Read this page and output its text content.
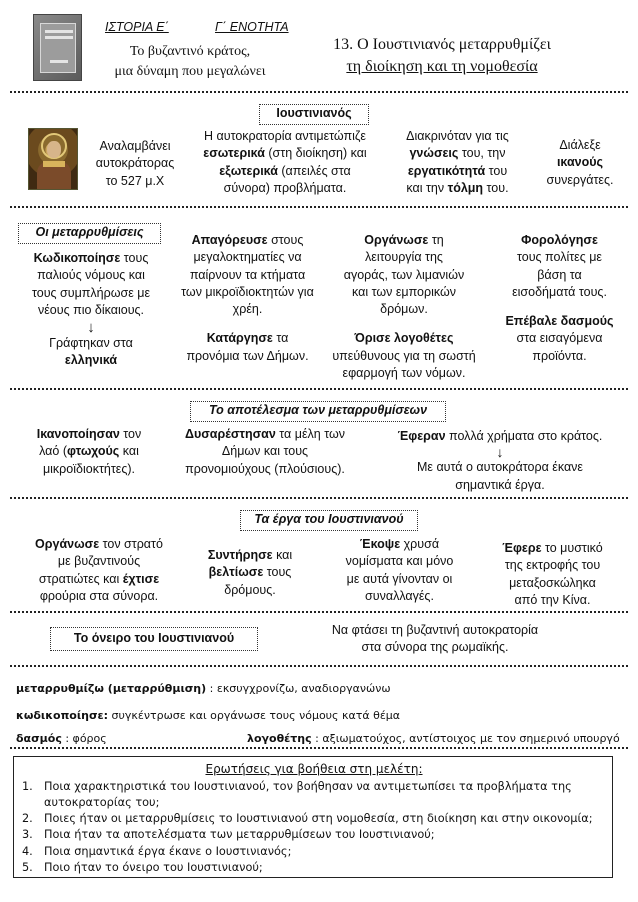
ΙΣΤΟΡΙΑ Ε΄	Γ΄ ΕΝΟΤΗΤΑ
Το βυζαντινό κράτος,
μια δύναμη που μεγαλώνει
13. Ο Ιουστινιανός μεταρρυθμίζει
τη διοίκηση και τη νομοθεσία
Ιουστινιανός
Αναλαμβάνει
αυτοκράτορας
το 527 μ.Χ
Η αυτοκρατορία αντιμετώπιζε
εσωτερικά (στη διοίκηση) και
εξωτερικά (απειλές στα
σύνορα) προβλήματα.
Διακρινόταν για τις
γνώσεις του, την
εργατικότητά του
και την τόλμη του.
Διάλεξε
ικανούς
συνεργάτες.
Οι μεταρρυθμίσεις
Κωδικοποίησε τους
παλιούς νόμους και
τους συμπλήρωσε με
νέους πιο δίκαιους.
↓
Γράφτηκαν στα
ελληνικά
Απαγόρευσε στους
μεγαλοκτηματίες να
παίρνουν τα κτήματα
των μικροϊδιοκτητών για
χρέη.
Κατάργησε τα
προνόμια των Δήμων.
Οργάνωσε τη
λειτουργία της
αγοράς, των λιμανιών
και των εμπορικών
δρόμων.
Όρισε λογοθέτες
υπεύθυνους για τη σωστή
εφαρμογή των νόμων.
Φορολόγησε
τους πολίτες με
βάση τα
εισοδήματά τους.
Επέβαλε δασμούς
στα εισαγόμενα
προϊόντα.
Το αποτέλεσμα των μεταρρυθμίσεων
Ικανοποίησαν τον
λαό (φτωχούς και
μικροϊδιοκτήτες).
Δυσαρέστησαν τα μέλη των
Δήμων και τους
προνομιούχους (πλούσιους).
Έφεραν πολλά χρήματα στο κράτος.
↓
Με αυτά ο αυτοκράτορα έκανε
σημαντικά έργα.
Τα έργα του Ιουστινιανού
Οργάνωσε τον στρατό
με βυζαντινούς
στρατιώτες και έχτισε
φρούρια στα σύνορα.
Συντήρησε και
βελτίωσε τους
δρόμους.
Έκοψε χρυσά
νομίσματα και μόνο
με αυτά γίνονταν οι
συναλλαγές.
Έφερε το μυστικό
της εκτροφής του
μεταξοσκώληκα
από την Κίνα.
Το όνειρο του Ιουστινιανού
Να φτάσει τη βυζαντινή αυτοκρατορία
στα σύνορα της ρωμαϊκής.
μεταρρυθμίζω (μεταρρύθμιση) : εκσυγχρονίζω, αναδιοργανώνω
κωδικοποίησε: συγκέντρωσε και οργάνωσε τους νόμους κατά θέμα
δασμός : φόρος	λογοθέτης : αξιωματούχος, αντίστοιχος με τον σημερινό υπουργό
Ερωτήσεις για βοήθεια στη μελέτη:
1. Ποια χαρακτηριστικά του Ιουστινιανού, τον βοήθησαν να αντιμετωπίσει τα προβλήματα της αυτοκρατορίας του;
2. Ποιες ήταν οι μεταρρυθμίσεις το Ιουστινιανού στη νομοθεσία, στη διοίκηση και στην οικονομία;
3. Ποια ήταν τα αποτελέσματα των μεταρρυθμίσεων του Ιουστινιανού;
4. Ποια σημαντικά έργα έκανε ο Ιουστινιανός;
5. Ποιο ήταν το όνειρο του Ιουστινιανού;
